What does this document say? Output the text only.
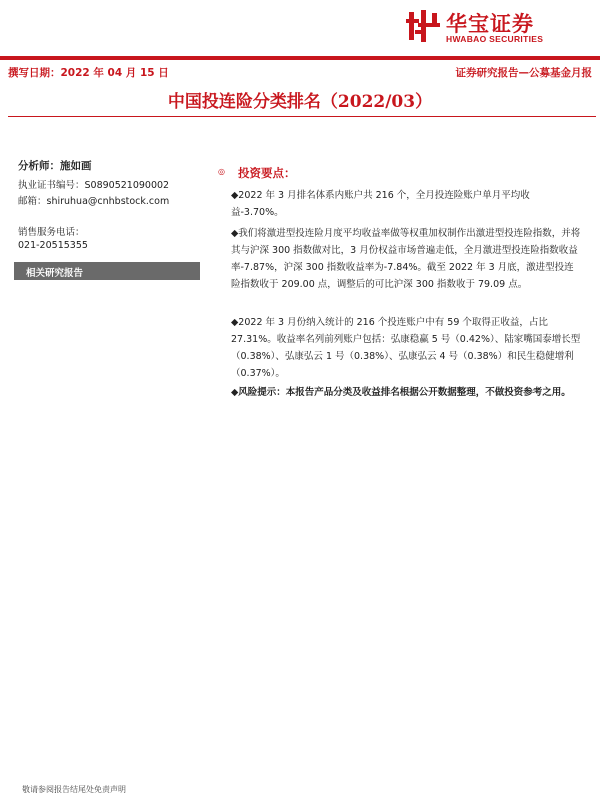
华宝证券
HWABAO SECURITIES
撰写日期：2022 年 04 月 15 日	证券研究报告—公募基金月报
中国投连险分类排名（2022/03）
分析师：施如画
执业证书编号：S0890521090002
邮箱：shiruhua@cnhbstock.com
销售服务电话：
021-20515355
相关研究报告
◎ 投资要点：

◆2022 年 3 月排名体系内账户共 216 个，全月投连险账户单月平均收益-3.70%。

◆我们将激进型投连险月度平均收益率做等权重加权制作出激进型投连险指数，并将其与沪深 300 指数做对比，3 月份权益市场普遍走低，全月激进型投连险指数收益率-7.87%，沪深 300 指数收益率为-7.84%。截至 2022 年 3 月底，激进型投连险指数收于 209.00 点，调整后的可比沪深 300 指数收于 79.09 点。

◆2022 年 3 月份纳入统计的 216 个投连账户中有 59 个取得正收益，占比 27.31%。收益率名列前列账户包括：弘康稳赢 5 号（0.42%）、陆家嘴国泰增长型（0.38%）、弘康弘云 1 号（0.38%）、弘康弘云 4 号（0.38%）和民生稳健增利（0.37%）。

◆风险提示：本报告产品分类及收益排名根据公开数据整理，不做投资参考之用。

敬请参阅报告结尾处免责声明
